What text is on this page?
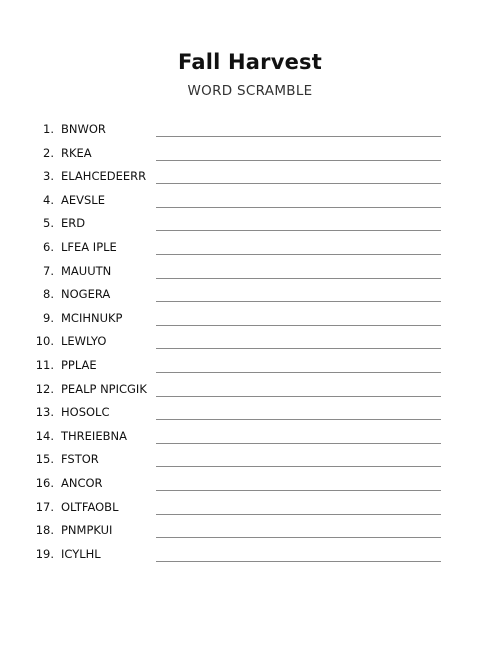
Fall Harvest
WORD SCRAMBLE
1. BNWOR
2. RKEA
3. ELAHCEDEERR
4. AEVSLE
5. ERD
6. LFEA IPLE
7. MAUUTN
8. NOGERA
9. MCIHNUKP
10. LEWLYO
11. PPLAE
12. PEALP NPICGIK
13. HOSOLC
14. THREIEBNA
15. FSTOR
16. ANCOR
17. OLTFAOBL
18. PNMPKUI
19. ICYLHL
